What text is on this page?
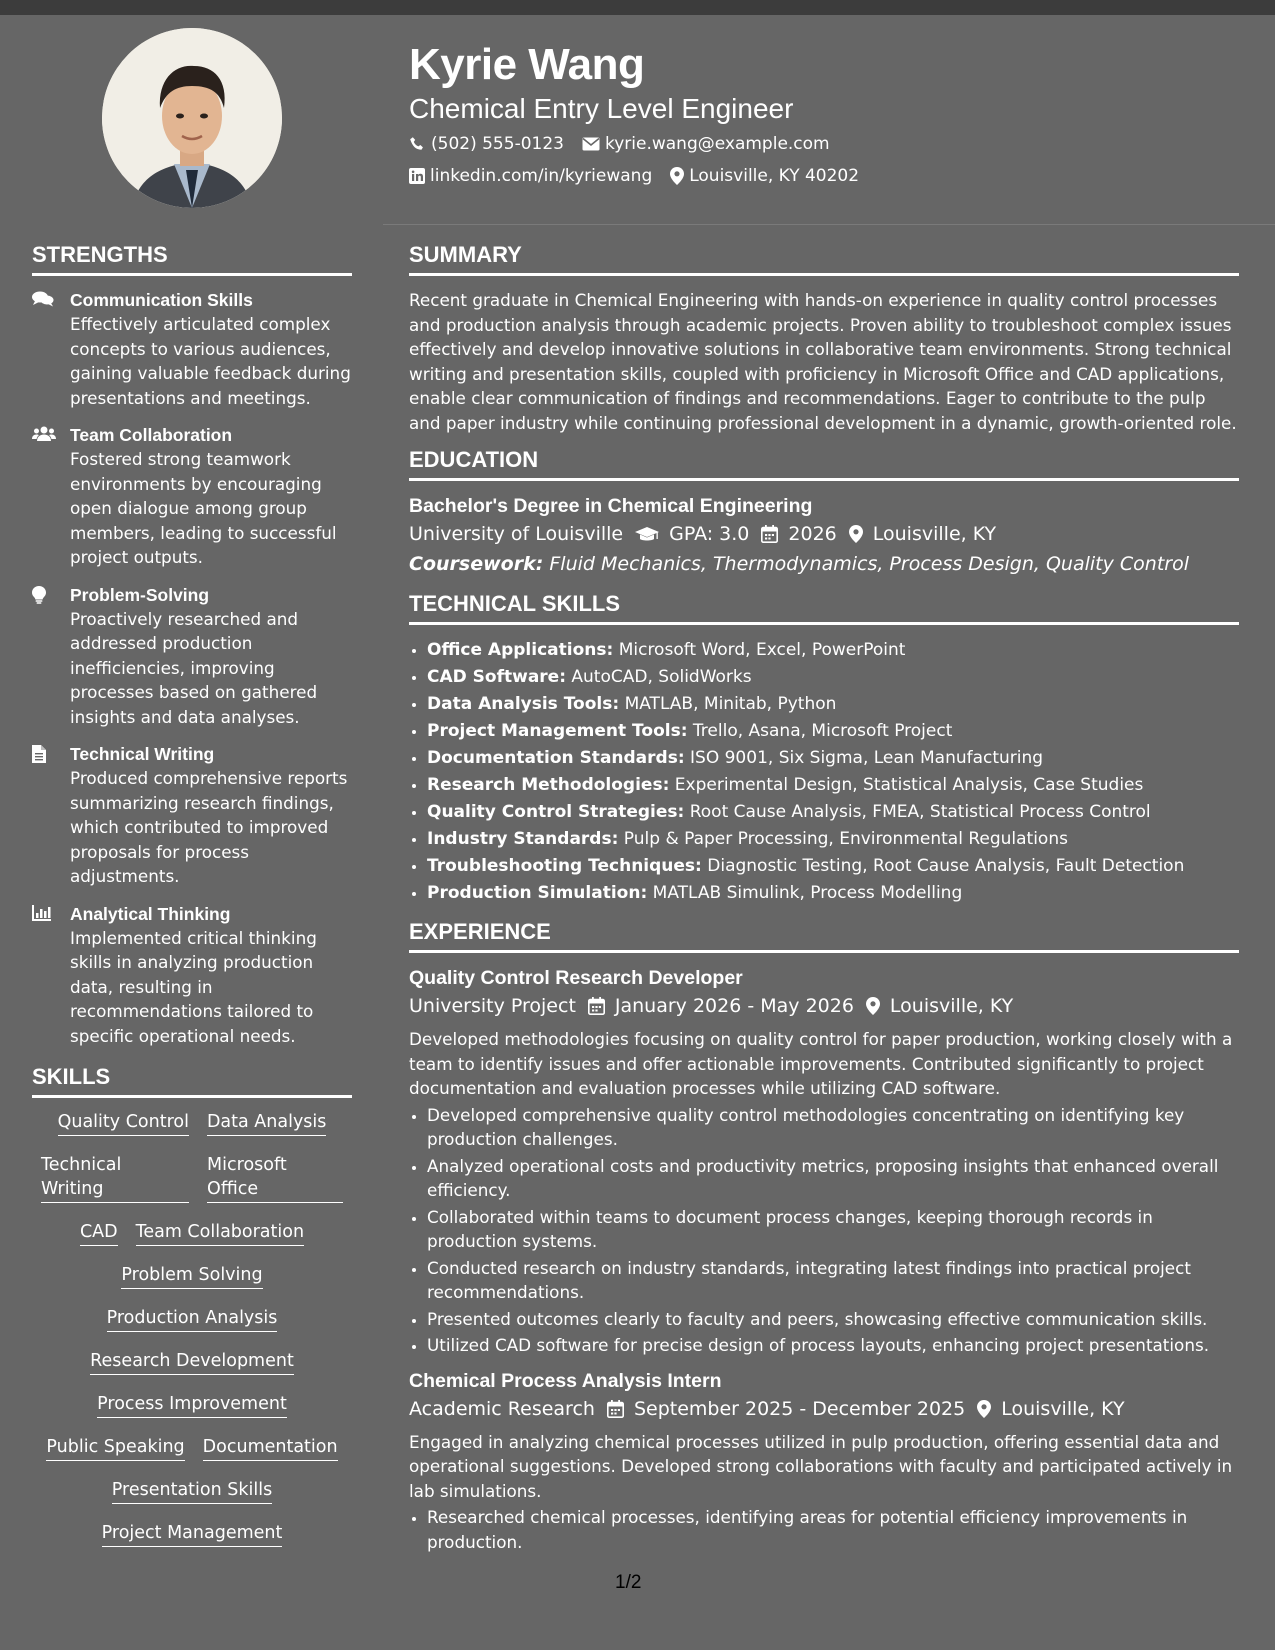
Kyrie Wang
Chemical Entry Level Engineer
(502) 555-0123 kyrie.wang@example.com
linkedin.com/in/kyriewang Louisville, KY 40202
STRENGTHS
Communication Skills
Effectively articulated complex concepts to various audiences, gaining valuable feedback during presentations and meetings.
Team Collaboration
Fostered strong teamwork environments by encouraging open dialogue among group members, leading to successful project outputs.
Problem-Solving
Proactively researched and addressed production inefficiencies, improving processes based on gathered insights and data analyses.
Technical Writing
Produced comprehensive reports summarizing research findings, which contributed to improved proposals for process adjustments.
Analytical Thinking
Implemented critical thinking skills in analyzing production data, resulting in recommendations tailored to specific operational needs.
SKILLS
Quality Control Data Analysis
Technical Writing
Microsoft Office
CAD Team Collaboration
Problem Solving
Production Analysis
Research Development
Process Improvement
Public Speaking Documentation
Presentation Skills
Project Management
SUMMARY
Recent graduate in Chemical Engineering with hands-on experience in quality control processes and production analysis through academic projects. Proven ability to troubleshoot complex issues effectively and develop innovative solutions in collaborative team environments. Strong technical writing and presentation skills, coupled with proficiency in Microsoft Office and CAD applications, enable clear communication of findings and recommendations. Eager to contribute to the pulp and paper industry while continuing professional development in a dynamic, growth-oriented role.
EDUCATION
Bachelor's Degree in Chemical Engineering
University of Louisville GPA: 3.0 2026 Louisville, KY
Coursework: Fluid Mechanics, Thermodynamics, Process Design, Quality Control
TECHNICAL SKILLS
• Office Applications: Microsoft Word, Excel, PowerPoint
• CAD Software: AutoCAD, SolidWorks
• Data Analysis Tools: MATLAB, Minitab, Python
• Project Management Tools: Trello, Asana, Microsoft Project
• Documentation Standards: ISO 9001, Six Sigma, Lean Manufacturing
• Research Methodologies: Experimental Design, Statistical Analysis, Case Studies
• Quality Control Strategies: Root Cause Analysis, FMEA, Statistical Process Control
• Industry Standards: Pulp & Paper Processing, Environmental Regulations
• Troubleshooting Techniques: Diagnostic Testing, Root Cause Analysis, Fault Detection
• Production Simulation: MATLAB Simulink, Process Modelling
EXPERIENCE
Quality Control Research Developer
University Project January 2026 - May 2026 Louisville, KY
Developed methodologies focusing on quality control for paper production, working closely with a team to identify issues and offer actionable improvements. Contributed significantly to project documentation and evaluation processes while utilizing CAD software.
• Developed comprehensive quality control methodologies concentrating on identifying key production challenges.
• Analyzed operational costs and productivity metrics, proposing insights that enhanced overall efficiency.
• Collaborated within teams to document process changes, keeping thorough records in production systems.
• Conducted research on industry standards, integrating latest findings into practical project recommendations.
• Presented outcomes clearly to faculty and peers, showcasing effective communication skills.
• Utilized CAD software for precise design of process layouts, enhancing project presentations.
Chemical Process Analysis Intern
Academic Research September 2025 - December 2025 Louisville, KY
Engaged in analyzing chemical processes utilized in pulp production, offering essential data and operational suggestions. Developed strong collaborations with faculty and participated actively in lab simulations.
• Researched chemical processes, identifying areas for potential efficiency improvements in production.
1/2
